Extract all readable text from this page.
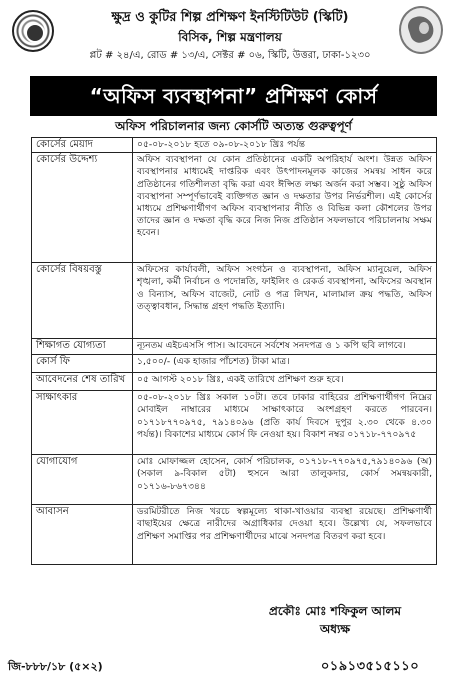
ক্ষুদ্র ও কুটির শিল্প প্রশিক্ষণ ইনস্টিটিউট (স্কিটি)
বিসিক, শিল্প মন্ত্রণালয়
প্লট # ২৪/এ, রোড # ১৩/এ, সেক্টর # ০৬, স্কিটি, উত্তরা, ঢাকা-১২৩০
“অফিস ব্যবস্থাপনা” প্রশিক্ষণ কোর্স
অফিস পরিচালনার জন্য কোর্সটি অত্যন্ত গুরুত্বপূর্ণ
কোর্সের মেয়াদ	০৫-০৮-২০১৮ হতে ০৯-০৮-২০১৮ খ্রিঃ পর্যন্ত
কোর্সের উদ্দেশ্য	অফিস ব্যবস্থাপনা যে কোন প্রতিষ্ঠানের একটি অপরিহার্য অংশ। উন্নত অফিস ব্যবস্থাপনার মাধ্যমেই দাপ্তরিক এবং উৎপাদনমূলক কাজের সমন্বয় সাধন করে প্রতিষ্ঠানের গতিশীলতা বৃদ্ধি করা এবং ঈপ্সিত লক্ষ্য অর্জন করা সম্ভব। সুষ্ঠু অফিস ব্যবস্থাপনা সম্পূর্ণভাবেই ব্যক্তিগত জ্ঞান ও দক্ষতার উপর নির্ভরশীল। এই কোর্সের মাধ্যমে প্রশিক্ষণার্থীগণ অফিস ব্যবস্থাপনার নীতি ও বিভিন্ন কলা কৌশলের উপর তাদের জ্ঞান ও দক্ষতা বৃদ্ধি করে নিজ নিজ প্রতিষ্ঠান সফলভাবে পরিচালনায় সক্ষম হবেন।
কোর্সের বিষয়বস্তু	অফিসের কার্যাবলী, অফিস সংগঠন ও ব্যবস্থাপনা, অফিস ম্যানুয়েল, অফিস শৃঙ্খলা, কর্মী নির্বাচন ও পদোন্নতি, ফাইলিং ও রেকর্ড ব্যবস্থাপনা, অফিসের অবস্থান ও বিন্যাস, অফিস বাজেট, নোট ও পত্র লিখন, মালামাল ক্রয় পদ্ধতি, অফিস তত্ত্বাবধান, সিদ্ধান্ত গ্রহণ পদ্ধতি ইত্যাদি।
শিক্ষাগত যোগ্যতা	ন্যূনতম এইচএসসি পাস। আবেদনে সর্বশেষ সনদপত্র ও ১ কপি ছবি লাগবে।
কোর্স ফি	১,৫০০/- (এক হাজার পাঁচশত) টাকা মাত্র।
আবেদনের শেষ তারিখ	০৫ আগস্ট ২০১৮ খ্রিঃ, একই তারিখে প্রশিক্ষণ শুরু হবে।
সাক্ষাৎকার	০৫-০৮-২০১৮ খ্রিঃ সকাল ১০টা। তবে ঢাকার বাহিরের প্রশিক্ষণার্থীগণ নিম্নের মোবাইল নাম্বারের মাধ্যমে সাক্ষাৎকারে অংশগ্রহণ করতে পারবেন। ০১৭১৮৭৭০৯৭৫, ৭৯১৪০৯৬ (প্রতি কার্য দিবসে দুপুর ২.৩০ থেকে ৪.৩০ পর্যন্ত)। বিকাশের মাধ্যমে কোর্স ফি নেওয়া হয়। বিকাশ নম্বর ০১৭১৮-৭৭০৯৭৫
যোগাযোগ	মোঃ মোফাজ্জল হোসেন, কোর্স পরিচালক, ০১৭১৮-৭৭০৯৭৫,৭৯১৪০৯৬ (অ) (সকাল ৯-বিকাল ৫টা) হুসনে আরা তালুকদার, কোর্স সমন্বয়কারী, ০১৭১৬-৮৬৭৩৪৪
আবাসন	ডরমিটরীতে নিজ খরচে স্বল্পমূল্যে থাকা-খাওয়ার ব্যবস্থা রয়েছে। প্রশিক্ষণার্থী বাছাইয়ের ক্ষেত্রে নারীদের অগ্রাধিকার দেওয়া হবে। উল্লেখ্য যে, সফলভাবে প্রশিক্ষণ সমাপ্তির পর প্রশিক্ষণার্থীদের মাঝে সনদপত্র বিতরণ করা হবে।
প্রকৌঃ মোঃ শফিকুল আলম
অধ্যক্ষ
জি-৮৮৮/১৮ (৫×২)	০১৯১৩৫১৫১১০
